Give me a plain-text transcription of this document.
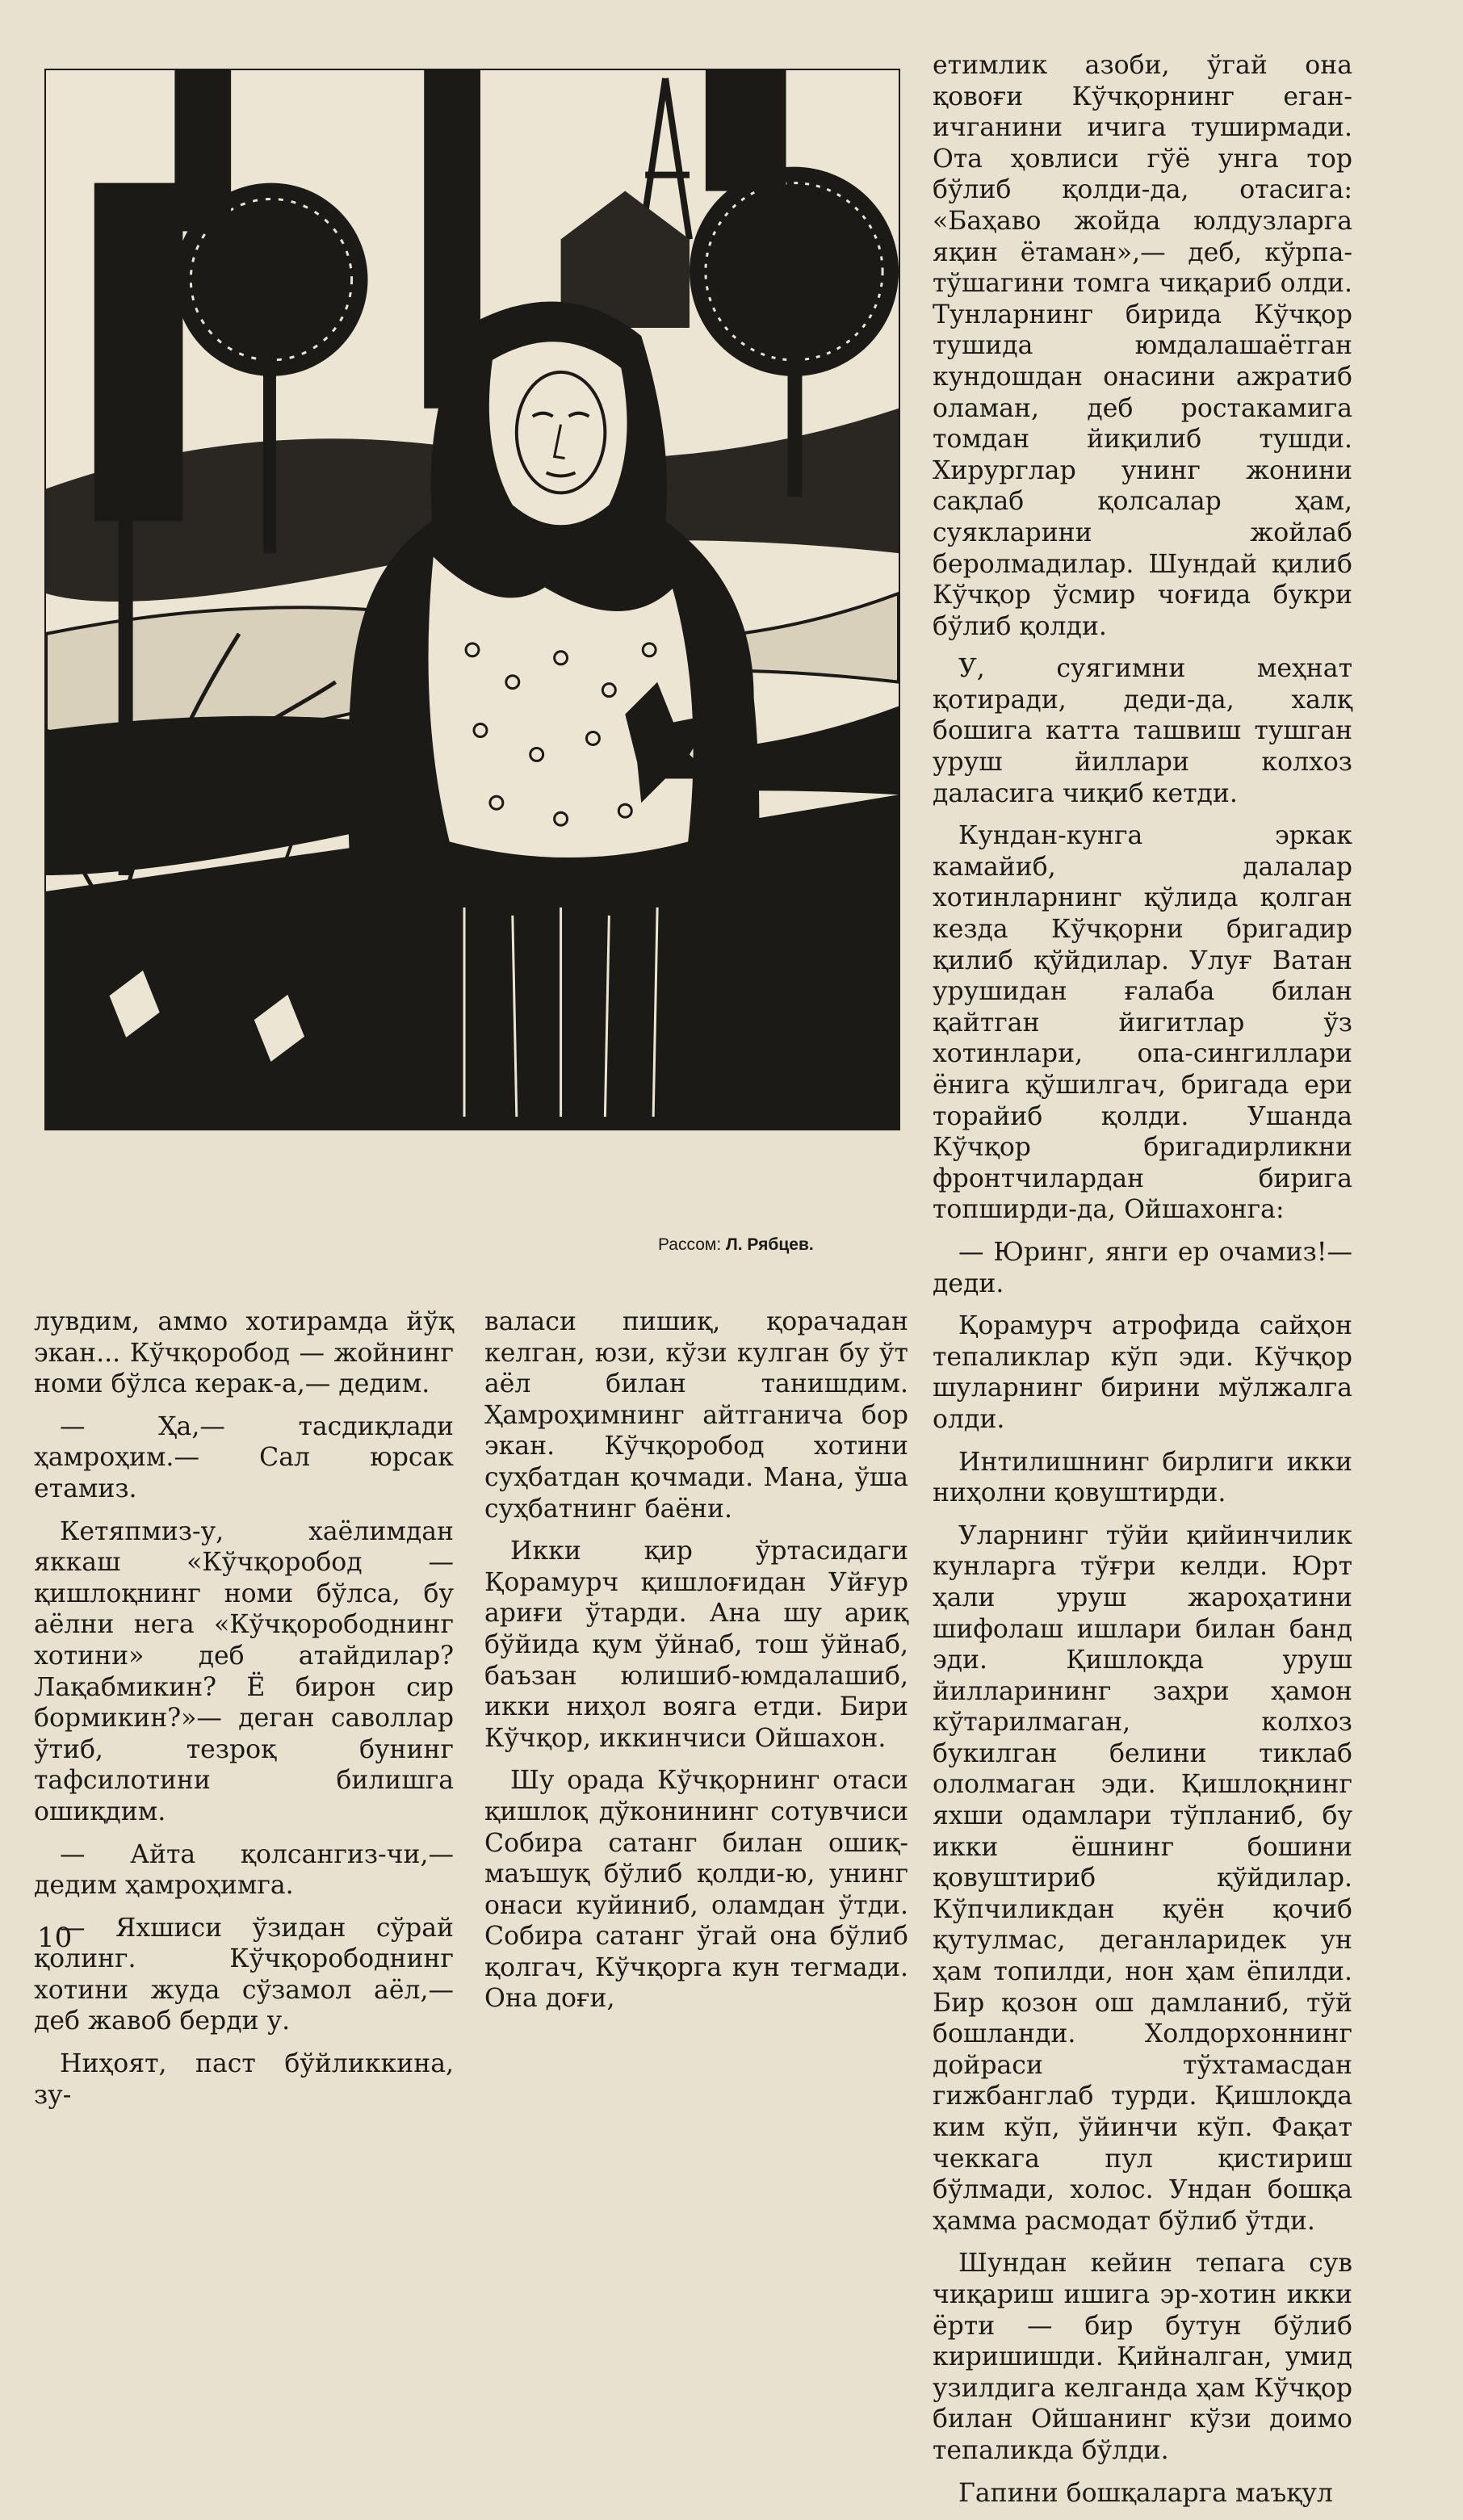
Рассом: Л. Рябцев.

етимлик азоби, ўгай она қовоғи Кўчқорнинг еган-ичганини ичига туширмади. Ота ҳовлиси гўё унга тор бўлиб қолди-да, отасига: «Баҳаво жойда юлдузларга яқин ётаман»,— деб, кўрпа-тўшагини томга чиқариб олди. Тунларнинг бирида Кўчқор тушида юмдалашаётган кундошдан онасини ажратиб оламан, деб ростакамига томдан йиқилиб тушди. Хирурглар унинг жонини сақлаб қолсалар ҳам, суякларини жойлаб беролмадилар. Шундай қилиб Кўчқор ўсмир чоғида букри бўлиб қолди.

У, суягимни меҳнат қотиради, деди-да, халқ бошига катта ташвиш тушган уруш йиллари колхоз даласига чиқиб кетди.

Кундан-кунга эркак камайиб, далалар хотинларнинг қўлида қолган кезда Кўчқорни бригадир қилиб қўйдилар. Улуғ Ватан урушидан ғалаба билан қайтган йигитлар ўз хотинлари, опа-сингиллари ёнига қўшилгач, бригада ери торайиб қолди. Ушанда Кўчқор бригадирликни фронтчилардан бирига топширди-да, Ойшахонга:

— Юринг, янги ер очамиз!— деди.

Қорамурч атрофида сайҳон тепаликлар кўп эди. Кўчқор шуларнинг бирини мўлжалга олди.

Интилишнинг бирлиги икки ниҳолни қовуштирди.

Уларнинг тўйи қийинчилик кунларга тўғри келди. Юрт ҳали уруш жароҳатини шифолаш ишлари билан банд эди. Қишлоқда уруш йилларининг заҳри ҳамон кўтарилмаган, колхоз букилган белини тиклаб ололмаган эди. Қишлоқнинг яхши одамлари тўпланиб, бу икки ёшнинг бошини қовуштириб қўйдилар. Кўпчиликдан қуён қочиб қутулмас, деганларидек ун ҳам топилди, нон ҳам ёпилди. Бир қозон ош дамланиб, тўй бошланди. Холдорхоннинг дойраси тўхтамасдан гижбанглаб турди. Қишлоқда ким кўп, ўйинчи кўп. Фақат чеккага пул қистириш бўлмади, холос. Ундан бошқа ҳамма расмодат бўлиб ўтди.

Шундан кейин тепага сув чиқариш ишига эр-хотин икки ёрти — бир бутун бўлиб киришишди. Қийналган, умид узилдига келганда ҳам Кўчқор билан Ойшанинг кўзи доимо тепаликда бўлди.

Гапини бошқаларга маъқул

лувдим, аммо хотирамда йўқ экан... Кўчқоробод — жойнинг номи бўлса керак-а,— дедим.

— Ҳа,— тасдиқлади ҳамроҳим.— Сал юрсак етамиз.

Кетяпмиз-у, хаёлимдан яккаш «Кўчқоробод — қишлоқнинг номи бўлса, бу аёлни нега «Кўчқорободнинг хотини» деб атайдилар? Лақабмикин? Ё бирон сир бормикин?»— деган саволлар ўтиб, тезроқ бунинг тафсилотини билишга ошиқдим.

— Айта қолсангиз-чи,— дедим ҳамроҳимга.

— Яхшиси ўзидан сўрай қолинг. Кўчқорободнинг хотини жуда сўзамол аёл,— деб жавоб берди у.

Ниҳоят, паст бўйликкина, зу-

валаси пишиқ, қорачадан келган, юзи, кўзи кулган бу ўт аёл билан танишдим. Ҳамроҳимнинг айтганича бор экан. Кўчқоробод хотини суҳбатдан қочмади. Мана, ўша суҳбатнинг баёни.

Икки қир ўртасидаги Қорамурч қишлоғидан Уйғур ариғи ўтарди. Ана шу ариқ бўйида қум ўйнаб, тош ўйнаб, баъзан юлишиб-юмдалашиб, икки ниҳол вояга етди. Бири Кўчқор, иккинчиси Ойшахон.

Шу орада Кўчқорнинг отаси қишлоқ дўконининг сотувчиси Собира сатанг билан ошиқ-маъшуқ бўлиб қолди-ю, унинг онаси куйиниб, оламдан ўтди. Собира сатанг ўгай она бўлиб қолгач, Кўчқорга кун тегмади. Она доғи,

10
